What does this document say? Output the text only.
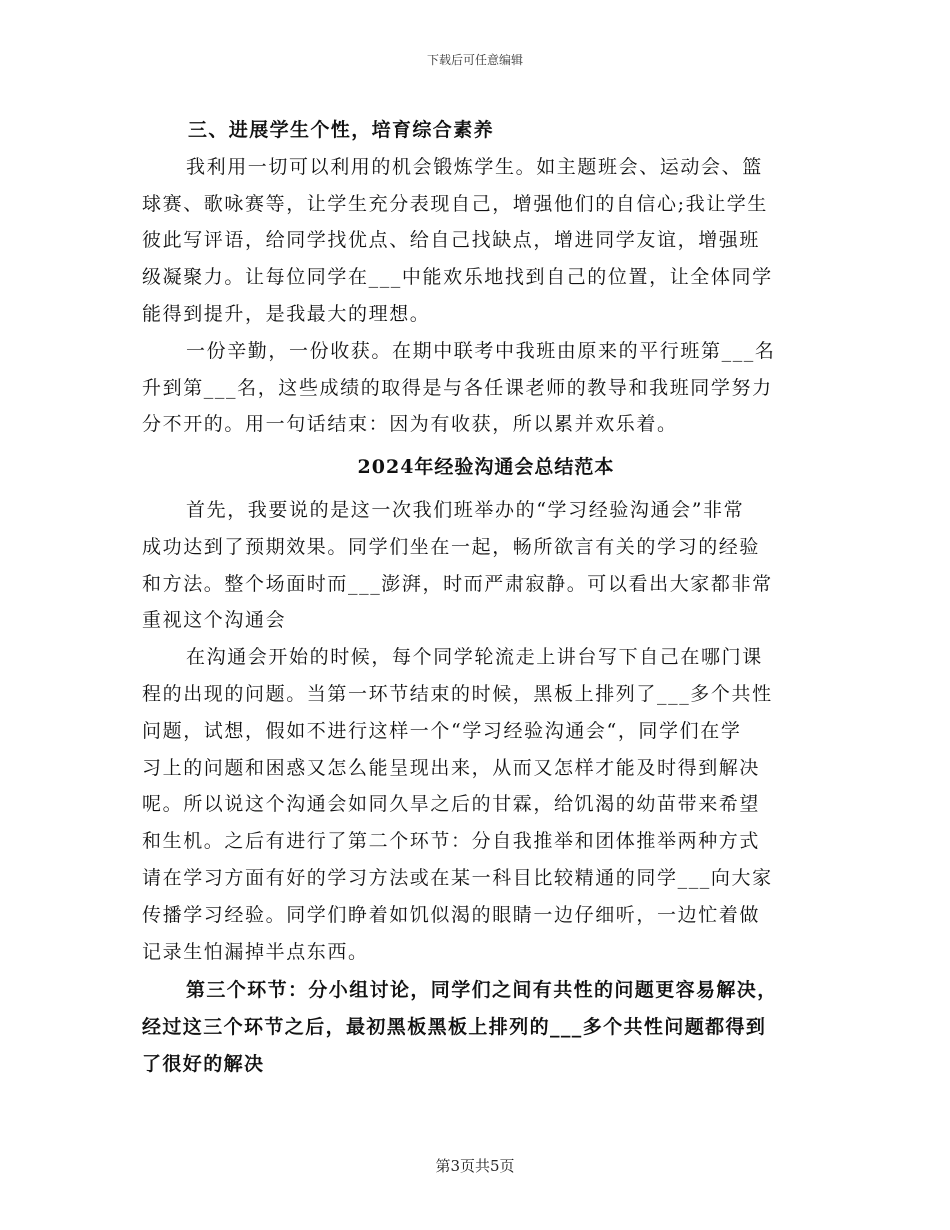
下载后可任意编辑
三、进展学生个性，培育综合素养
我利用一切可以利用的机会锻炼学生。如主题班会、运动会、篮
球赛、歌咏赛等，让学生充分表现自己，增强他们的自信心;我让学生
彼此写评语，给同学找优点、给自己找缺点，增进同学友谊，增强班
级凝聚力。让每位同学在___中能欢乐地找到自己的位置，让全体同学
能得到提升，是我最大的理想。
一份辛勤，一份收获。在期中联考中我班由原来的平行班第___名
升到第___名，这些成绩的取得是与各任课老师的教导和我班同学努力
分不开的。用一句话结束：因为有收获，所以累并欢乐着。
2024年经验沟通会总结范本
首先，我要说的是这一次我们班举办的“学习经验沟通会”非常
成功达到了预期效果。同学们坐在一起，畅所欲言有关的学习的经验
和方法。整个场面时而___澎湃，时而严肃寂静。可以看出大家都非常
重视这个沟通会
在沟通会开始的时候，每个同学轮流走上讲台写下自己在哪门课
程的出现的问题。当第一环节结束的时候，黑板上排列了___多个共性
问题，试想，假如不进行这样一个“学习经验沟通会“，同学们在学
习上的问题和困惑又怎么能呈现出来，从而又怎样才能及时得到解决
呢。所以说这个沟通会如同久旱之后的甘霖，给饥渴的幼苗带来希望
和生机。之后有进行了第二个环节：分自我推举和团体推举两种方式
请在学习方面有好的学习方法或在某一科目比较精通的同学___向大家
传播学习经验。同学们睁着如饥似渴的眼睛一边仔细听，一边忙着做
记录生怕漏掉半点东西。
第三个环节：分小组讨论，同学们之间有共性的问题更容易解决，
经过这三个环节之后，最初黑板黑板上排列的___多个共性问题都得到
了很好的解决
第3页共5页
